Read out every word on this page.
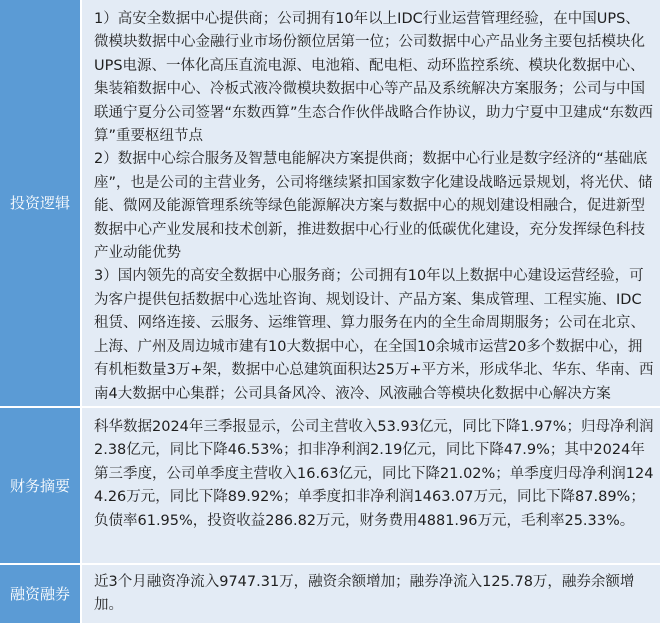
投资逻辑	1）高安全数据中心提供商；公司拥有10年以上IDC行业运营管理经验，在中国UPS、微模块数据中心金融行业市场份额位居第一位；公司数据中心产品业务主要包括模块化UPS电源、一体化高压直流电源、电池箱、配电柜、动环监控系统、模块化数据中心、集装箱数据中心、冷板式液冷微模块数据中心等产品及系统解决方案服务；公司与中国联通宁夏分公司签署“东数西算”生态合作伙伴战略合作协议，助力宁夏中卫建成“东数西算”重要枢纽节点

2）数据中心综合服务及智慧电能解决方案提供商；数据中心行业是数字经济的“基础底座”，也是公司的主营业务，公司将继续紧扣国家数字化建设战略远景规划，将光伏、储能、微网及能源管理系统等绿色能源解决方案与数据中心的规划建设相融合，促进新型数据中心产业发展和技术创新，推进数据中心行业的低碳优化建设，充分发挥绿色科技产业动能优势

3）国内领先的高安全数据中心服务商；公司拥有10年以上数据中心建设运营经验，可为客户提供包括数据中心选址咨询、规划设计、产品方案、集成管理、工程实施、IDC租赁、网络连接、云服务、运维管理、算力服务在内的全生命周期服务；公司在北京、上海、广州及周边城市建有10大数据中心，在全国10余城市运营20多个数据中心，拥有机柜数量3万+架，数据中心总建筑面积达25万+平方米，形成华北、华东、华南、西南4大数据中心集群；公司具备风冷、液冷、风液融合等模块化数据中心解决方案

财务摘要	科华数据2024年三季报显示，公司主营收入53.93亿元，同比下降1.97%；归母净利润2.38亿元，同比下降46.53%；扣非净利润2.19亿元，同比下降47.9%；其中2024年第三季度，公司单季度主营收入16.63亿元，同比下降21.02%；单季度归母净利润1244.26万元，同比下降89.92%；单季度扣非净利润1463.07万元，同比下降87.89%；负债率61.95%，投资收益286.82万元，财务费用4881.96万元，毛利率25.33%。

融资融券	近3个月融资净流入9747.31万，融资余额增加；融券净流入125.78万，融券余额增加。
